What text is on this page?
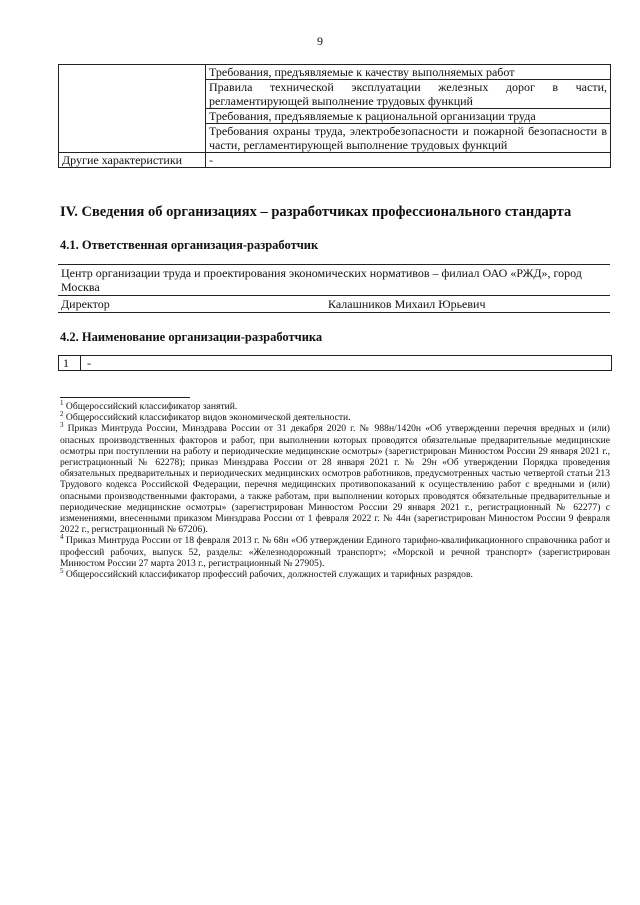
9
	Требования, предъявляемые к качеству выполняемых работ
	Правила технической эксплуатации железных дорог в части, регламентирующей выполнение трудовых функций
	Требования, предъявляемые к рациональной организации труда
	Требования охраны труда, электробезопасности и пожарной безопасности в части, регламентирующей выполнение трудовых функций
Другие характеристики	-
IV. Сведения об организациях – разработчиках профессионального стандарта
4.1. Ответственная организация-разработчик
Центр организации труда и проектирования экономических нормативов – филиал ОАО «РЖД», город Москва
Директор	Калашников Михаил Юрьевич
4.2. Наименование организации-разработчика
1	-

$^1$ Общероссийский классификатор занятий.

$^2$ Общероссийский классификатор видов экономической деятельности.

$^3$ Приказ Минтруда России, Минздрава России от 31 декабря 2020 г. № 988н/1420н «Об утверждении перечня вредных и (или) опасных производственных факторов и работ, при выполнении которых проводятся обязательные предварительные медицинские осмотры при поступлении на работу и периодические медицинские осмотры» (зарегистрирован Минюстом России 29 января 2021 г., регистрационный № 62278); приказ Минздрава России от 28 января 2021 г. № 29н «Об утверждении Порядка проведения обязательных предварительных и периодических медицинских осмотров работников, предусмотренных частью четвертой статьи 213 Трудового кодекса Российской Федерации, перечня медицинских противопоказаний к осуществлению работ с вредными и (или) опасными производственными факторами, а также работам, при выполнении которых проводятся обязательные предварительные и периодические медицинские осмотры» (зарегистрирован Минюстом России 29 января 2021 г., регистрационный № 62277) с изменениями, внесенными приказом Минздрава России от 1 февраля 2022 г. № 44н (зарегистрирован Минюстом России 9 февраля 2022 г., регистрационный № 67206).

$^4$ Приказ Минтруда России от 18 февраля 2013 г. № 68н «Об утверждении Единого тарифно-квалификационного справочника работ и профессий рабочих, выпуск 52, разделы: «Железнодорожный транспорт»; «Морской и речной транспорт» (зарегистрирован Минюстом России 27 марта 2013 г., регистрационный № 27905).

$^5$ Общероссийский классификатор профессий рабочих, должностей служащих и тарифных разрядов.
